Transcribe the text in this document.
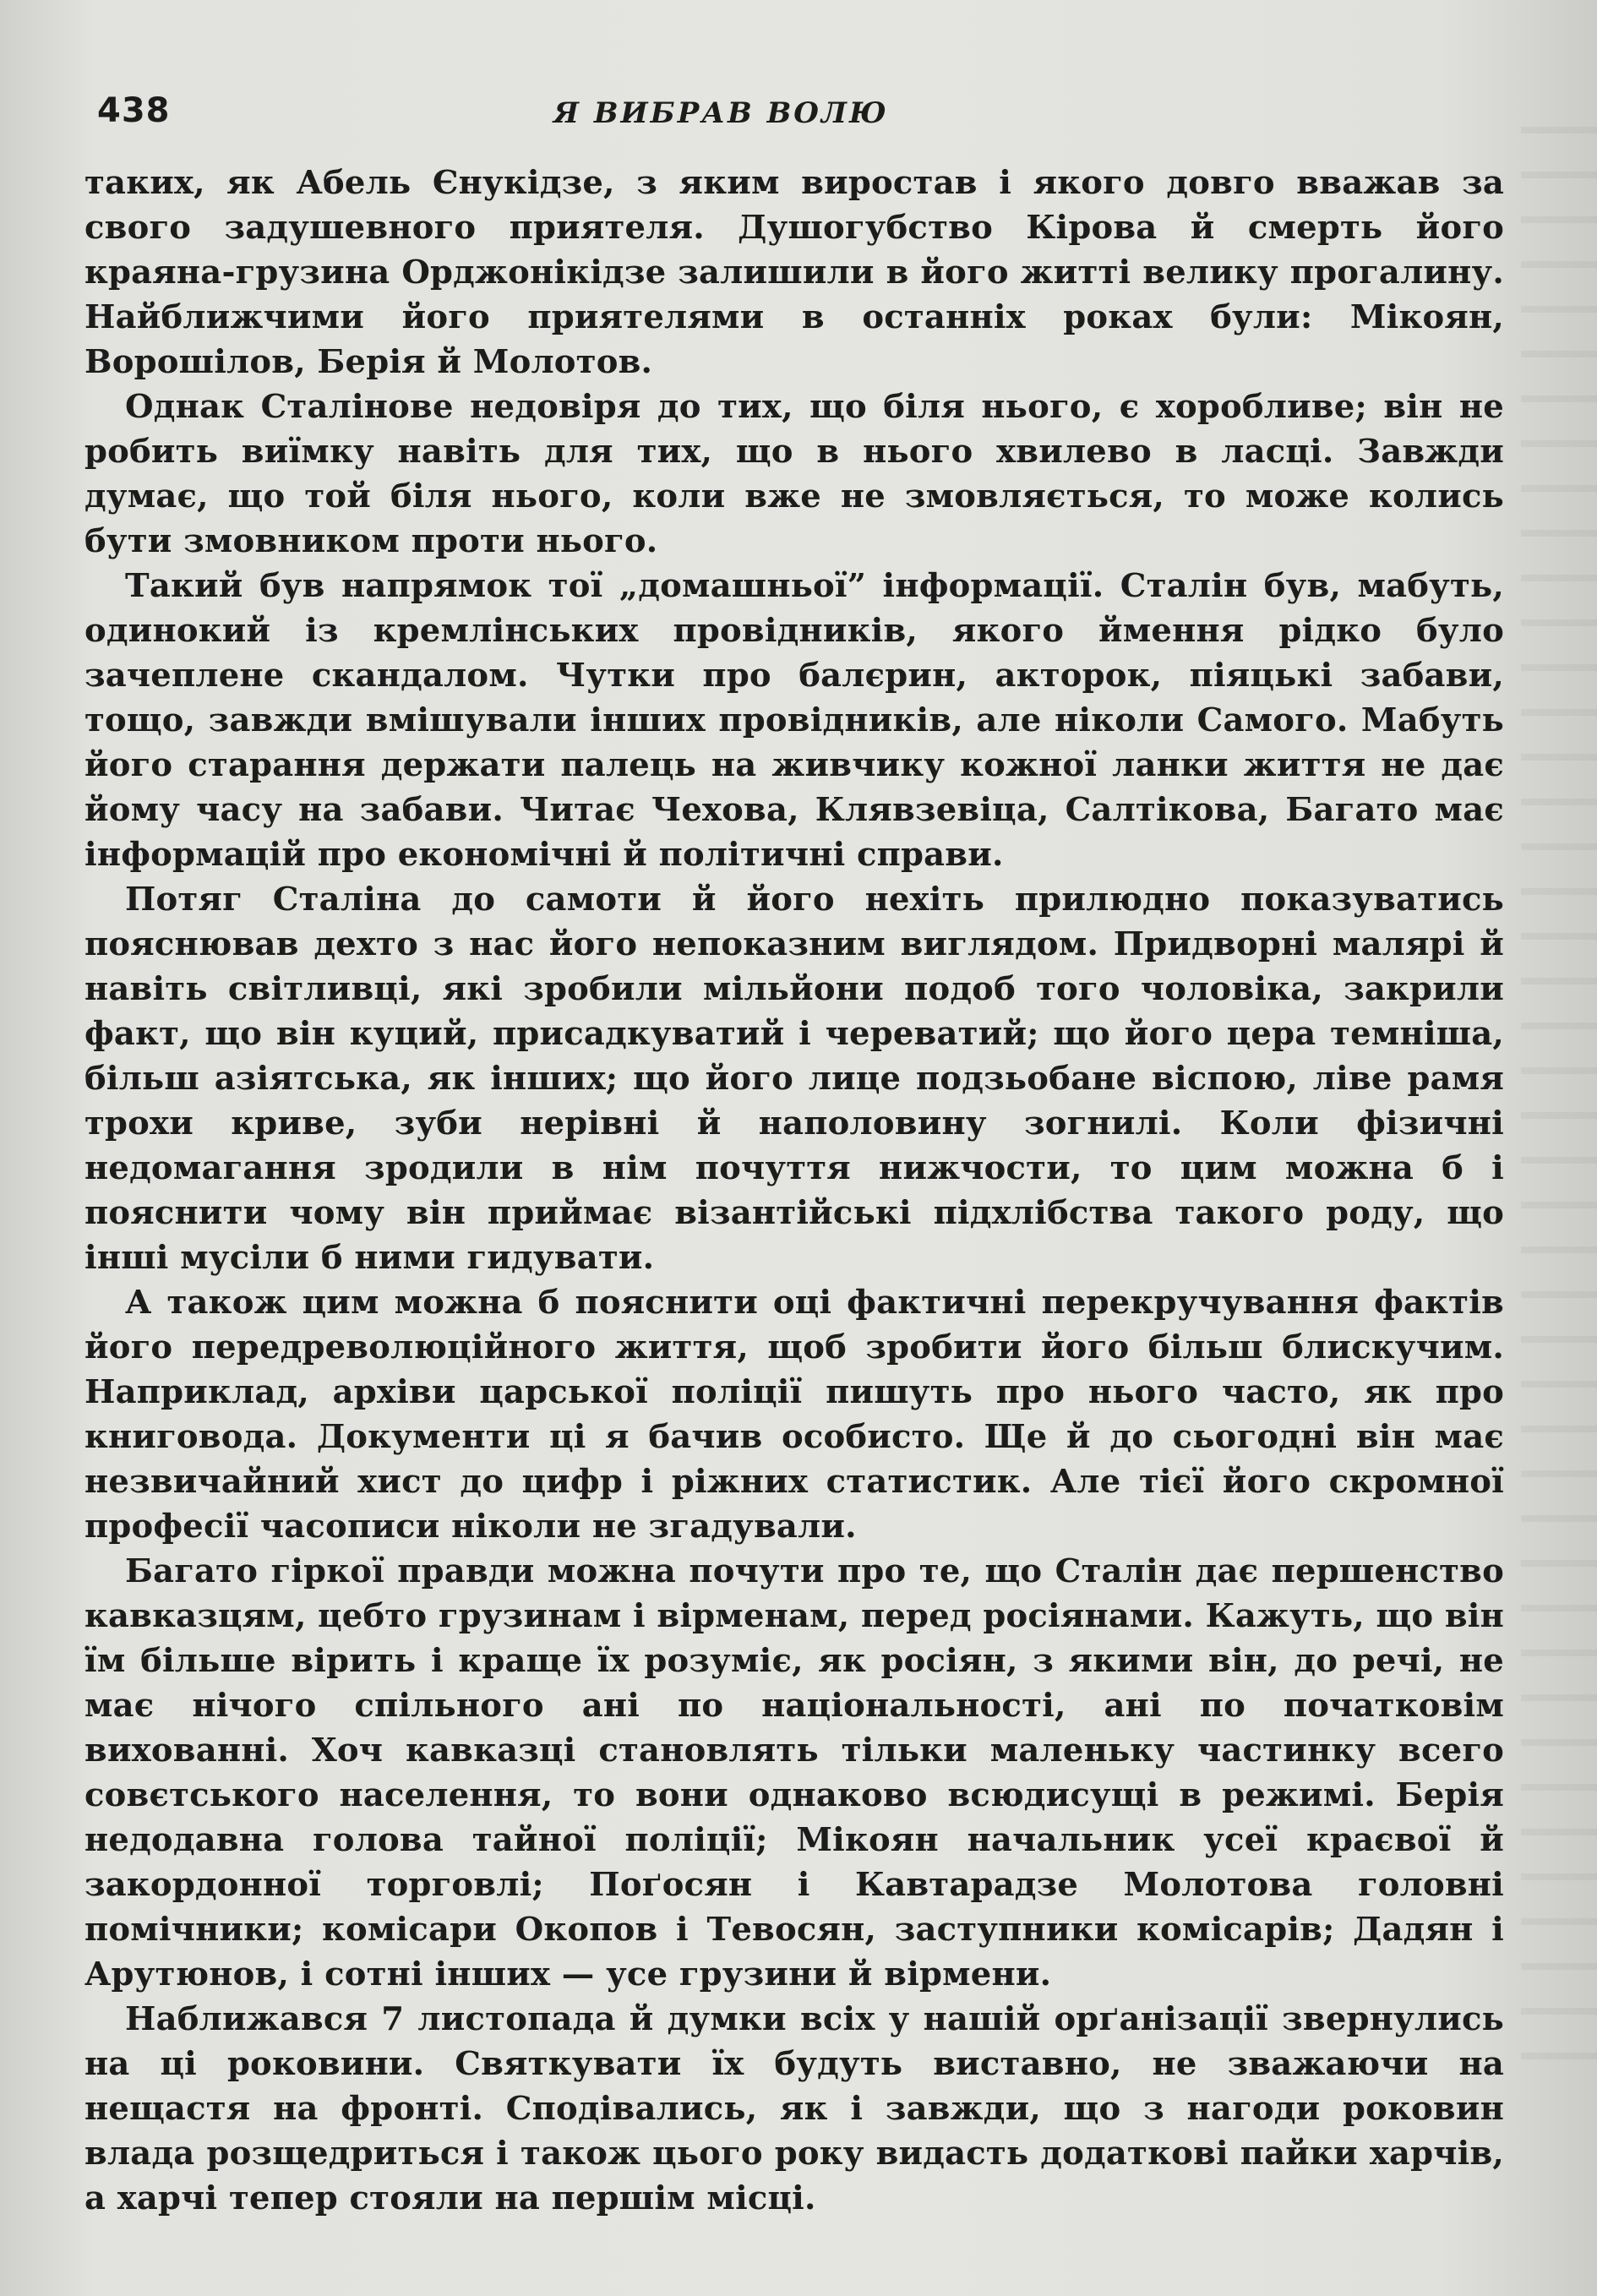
438	Я ВИБРАВ ВОЛЮ

таких, як Абель Єнукідзе, з яким виростав і якого довго вважав за свого задушевного приятеля. Душогубство Кірова й смерть його краяна-грузина Орджонікідзе залишили в його житті велику прогалину. Найближчими його приятелями в останніх роках були: Мікоян, Ворошілов, Берія й Молотов.

Однак Сталінове недовіря до тих, що біля нього, є хоробливе; він не робить виїмку навіть для тих, що в нього хвилево в ласці. Завжди думає, що той біля нього, коли вже не змовляється, то може колись бути змовником проти нього.

Такий був напрямок тої „домашньої” інформації. Сталін був, мабуть, одинокий із кремлінських провідників, якого ймення рідко було зачеплене скандалом. Чутки про балєрин, акторок, піяцькі забави, тощо, завжди вмішували інших провідників, але ніколи Самого. Мабуть його старання держати палець на живчику кожної ланки життя не дає йому часу на забави. Читає Чехова, Клявзевіца, Салтікова, Багато має інформацій про економічні й політичні справи.

Потяг Сталіна до самоти й його нехіть прилюдно показуватись пояснював дехто з нас його непоказним виглядом. Придворні малярі й навіть світливці, які зробили мільйони подоб того чоловіка, закрили факт, що він куций, присадкуватий і череватий; що його цера темніша, більш азіятська, як інших; що його лице подзьобане віспою, ліве рамя трохи криве, зуби нерівні й наполовину зогнилі. Коли фізичні недомагання зродили в нім почуття нижчости, то цим можна б і пояснити чому він приймає візантійські підхлібства такого роду, що інші мусіли б ними гидувати.

А також цим можна б пояснити оці фактичні перекручування фактів його передреволюційного життя, щоб зробити його більш блискучим. Наприклад, архіви царської поліції пишуть про нього часто, як про книговода. Документи ці я бачив особисто. Ще й до сьогодні він має незвичайний хист до цифр і ріжних статистик. Але тієї його скромної професії часописи ніколи не згадували.

Багато гіркої правди можна почути про те, що Сталін дає першенство кавказцям, цебто грузинам і вірменам, перед росіянами. Кажуть, що він їм більше вірить і краще їх розуміє, як росіян, з якими він, до речі, не має нічого спільного ані по національності, ані по початковім вихованні. Хоч кавказці становлять тільки маленьку частинку всего совєтського населення, то вони однаково всюдисущі в режимі. Берія недодавна голова тайної поліції; Мікоян начальник усеї краєвої й закордонної торговлі; Поґосян і Кавтарадзе Молотова головні помічники; комісари Окопов і Тевосян, заступники комісарів; Дадян і Арутюнов, і сотні інших — усе грузини й вірмени.

Наближався 7 листопада й думки всіх у нашій орґанізації звернулись на ці роковини. Святкувати їх будуть виставно, не зважаючи на нещастя на фронті. Сподівались, як і завжди, що з нагоди роковин влада розщедриться і також цього року видасть додаткові пайки харчів, а харчі тепер стояли на першім місці.
